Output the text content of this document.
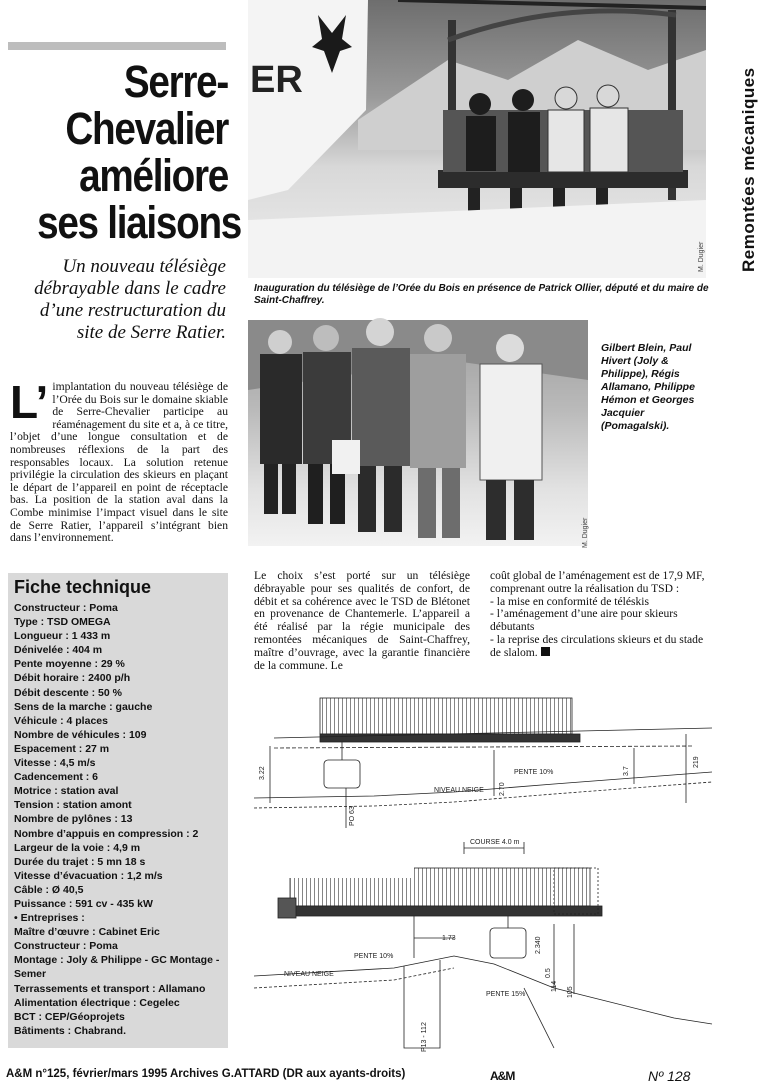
Serre-
Chevalier
améliore
ses liaisons
Un nouveau télésiège débrayable dans le cadre d’une restructuration du site de Serre Ratier.
ER
M. Dugier Remontées mécaniques
Inauguration du télésiège de l’Orée du Bois en présence de Patrick Ollier, député et du maire de Saint-Chaffrey.
M. Dugier
Gilbert Blein, Paul Hivert (Joly & Philippe), Régis Allamano, Philippe Hémon et Georges Jacquier (Pomagalski).
L’ implantation du nouveau télésiège de l’Orée du Bois sur le domaine skiable de Serre-Chevalier participe au réaménagement du site et a, à ce titre, l’objet d’une longue consultation et de nombreuses réflexions de la part des responsables locaux. La solution retenue privilégie la circulation des skieurs en plaçant le départ de l’appareil en point de réceptacle bas. La position de la station aval dans la Combe minimise l’impact visuel dans le site de Serre Ratier, l’appareil s’intégrant bien dans l’environnement.
Fiche technique
Constructeur : Poma
Type : TSD OMEGA
Longueur : 1 433 m
Dénivelée : 404 m
Pente moyenne : 29 %
Débit horaire : 2400 p/h
Débit descente : 50 %
Sens de la marche : gauche
Véhicule : 4 places
Nombre de véhicules : 109
Espacement : 27 m
Vitesse : 4,5 m/s
Cadencement : 6
Motrice : station aval
Tension : station amont
Nombre de pylônes : 13
Nombre d’appuis en compression : 2
Largeur de la voie : 4,9 m
Durée du trajet : 5 mn 18 s
Vitesse d’évacuation : 1,2 m/s
Câble : Ø 40,5
Puissance : 591 cv - 435 kW
• Entreprises :
Maître d’œuvre : Cabinet Eric
Constructeur : Poma
Montage : Joly & Philippe - GC Montage -
Semer
Terrassements et transport : Allamano
Alimentation électrique : Cegelec
BCT : CEP/Géoprojets
Bâtiments : Chabrand.
Le choix s’est porté sur un télésiège débrayable pour ses qualités de confort, de débit et sa cohérence avec le TSD de Blétonet en provenance de Chantemerle. L’appareil a été réalisé par la régie municipale des remontées mécaniques de Saint-Chaffrey, maître d’ouvrage, avec la garantie financière de la commune. Le
coût global de l’aménagement est de 17,9 MF, comprenant outre la réalisation du TSD :
- la mise en conformité de téléskis
- l’aménagement d’une aire pour skieurs débutants
- la reprise des circulations skieurs et du stade de slalom.
3.22	3.7
219
2.70
PENTE 10%
NIVEAU NEIGE
PO 63
COURSE 4.0 m
1.73	2.340
0.5
PENTE 10%
PENTE 15%
NIVEAU NEIGE
P13 - 112
114 105
A&M n°125, février/mars 1995 Archives G.ATTARD (DR aux ayants-droits)	A&M	Nº 128
